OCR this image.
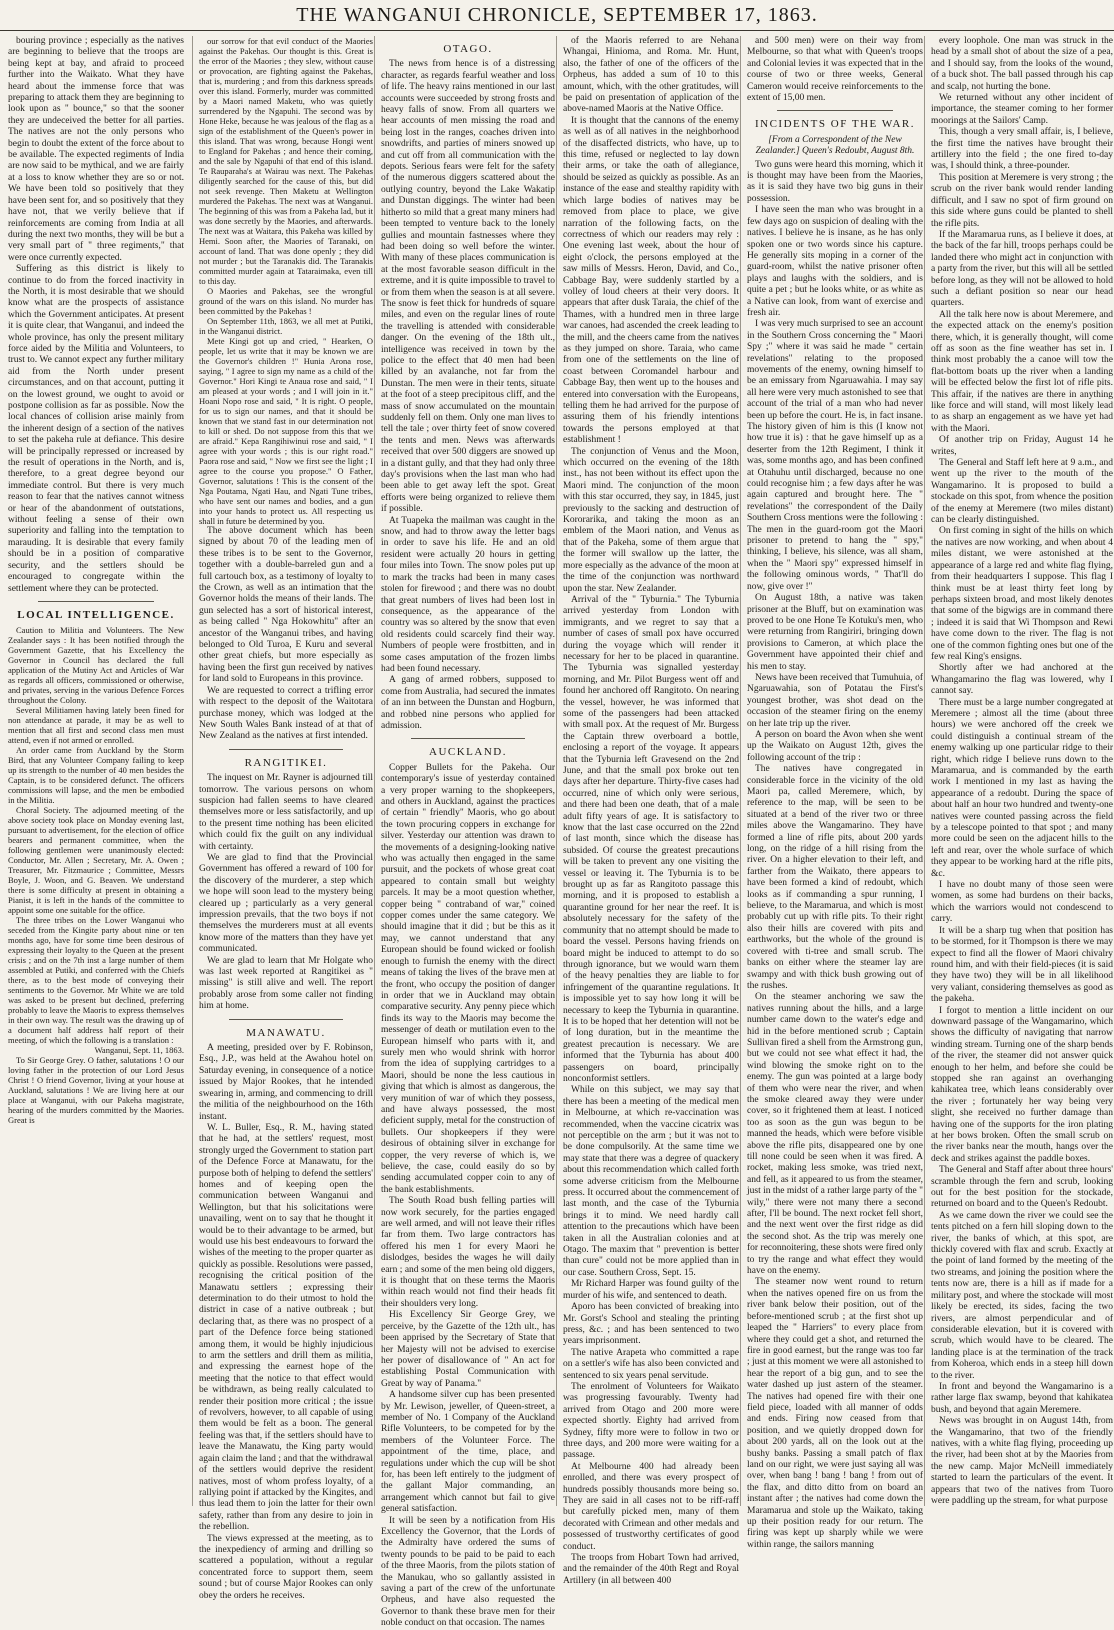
THE WANGANUI CHRONICLE, SEPTEMBER 17, 1863.

bouring province ; especially as the natives are beginning to believe that the troops are being kept at bay, and afraid to proceed further into the Waikato. What they have heard about the immense force that was preparing to attack them they are beginning to look upon as " bounce," so that the sooner they are undeceived the better for all parties. The natives are not the only persons who begin to doubt the extent of the force about to be available. The expected regiments of India are now said to be mythical, and we are fairly at a loss to know whether they are so or not. We have been told so positively that they have been sent for, and so positively that they have not, that we verily believe that if reinforcements are coming from India at all during the next two months, they will be but a very small part of " three regiments," that were once currently expected.

Suffering as this district is likely to continue to do from the forced inactivity in the North, it is most desirable that we should know what are the prospects of assistance which the Government anticipates. At present it is quite clear, that Wanganui, and indeed the whole province, has only the present military force aided by the Militia and Volunteers, to trust to. We cannot expect any further military aid from the North under present circumstances, and on that account, putting it on the lowest ground, we ought to avoid or postpone collision as far as possible. Now the local chances of collision arise mainly from the inherent design of a section of the natives to set the pakeha rule at defiance. This desire will be principally repressed or increased by the result of operations in the North, and is, therefore, to a great degree beyond our immediate control. But there is very much reason to fear that the natives cannot witness or hear of the abandonment of outstations, without feeling a sense of their own superiority and falling into the temptation to marauding. It is desirable that every family should be in a position of comparative security, and the settlers should be encouraged to congregate within the settlement where they can be protected.

LOCAL INTELLIGENCE.

Caution to Militia and Volunteers. The New Zealander says : It has been notified through the Government Gazette, that his Excellency the Governor in Council has declared the full application of the Mutiny Act and Articles of War as regards all officers, commissioned or otherwise, and privates, serving in the various Defence Forces throughout the Colony.

Several Militiamen having lately been fined for non attendance at parade, it may be as well to mention that all first and second class men must attend, even if not armed or enrolled.

An order came from Auckland by the Storm Bird, that any Volunteer Company failing to keep up its strength to the number of 40 men besides the Captain, is to be considered defunct. The officers commissions will lapse, and the men be embodied in the Militia.

Choral Society. The adjourned meeting of the above society took place on Monday evening last, pursuant to advertisement, for the election of office bearers and permanent committee, when the following gentlemen were unanimously elected: Conductor, Mr. Allen ; Secretary, Mr. A. Owen ; Treasurer, Mr. Fitzmaurice ; Committee, Messrs Boyle, J. Woon, and G. Beaven. We understand there is some difficulty at present in obtaining a Pianist, it is left in the hands of the committee to appoint some one suitable for the office.

The three tribes on the Lower Wanganui who seceded from the Kingite party about nine or ten months ago, have for some time been desirous of expressing their loyalty to the Queen at the present crisis ; and on the 7th inst a large number of them assembled at Putiki, and conferred with the Chiefs there, as to the best mode of conveying their sentiments to the Governor. Mr White we are told was asked to be present but declined, preferring probably to leave the Maoris to express themselves in their own way. The result was the drawing up of a document half address half report of their meeting, of which the following is a translation :

Wanganui, Sept. 11, 1863.

To Sir George Grey. O father, salutations ! O our loving father in the protection of our Lord Jesus Christ ! O friend Governor, living at your house at Auckland, salutations ! We are living here at our place at Wanganui, with our Pakeha magistrate, hearing of the murders committed by the Maories. Great is

our sorrow for that evil conduct of the Maories against the Pakehas. Our thought is this. Great is the error of the Maories ; they slew, without cause or provocation, are fighting against the Pakehas, that is, murdering ; and from this darkness spreads over this island. Formerly, murder was committed by a Maori named Maketu, who was quietly surrendered by the Ngapuhi. The second was by Hone Heke, because he was jealous of the flag as a sign of the establishment of the Queen's power in this island. That was wrong, because Hongi went to England for Pakehas ; and hence their coming, and the sale by Ngapuhi of that end of this island. Te Rauparaha's at Wairau was next. The Pakehas diligently searched for the cause of this, but did not seek revenge. Then Maketu at Wellington murdered the Pakehas. The next was at Wanganui. The beginning of this was from a Pakeha lad, but it was done secretly by the Maories, and afterwards. The next was at Waitara, this Pakeha was killed by Hemi. Soon after, the Maories of Taranaki, on account of land. That was done openly ; they did not murder ; but the Taranakis did. The Taranakis committed murder again at Tataraimaka, even till to this day.

O Maories and Pakehas, see the wrongful ground of the wars on this island. No murder has been committed by the Pakehas !

On September 11th, 1863, we all met at Putiki, in the Wanganui district.

Mete Kingi got up and cried, " Hearken, O people, let us write that it may be known we are the Governor's children !" Hunia Arona rose, saying, " I agree to sign my name as a child of the Governor." Hori Kingi te Anaua rose and said, " I am pleased at your words ; and I will join in it." Hoani Nopo rose and said, " It is right. O people, for us to sign our names, and that it should be known that we stand fast in our determination not to kill or shed. Do not suppose from this that we are afraid." Kepa Rangihiwinui rose and said, " I agree with your words ; this is our right road." Paora rose and said, " Now we first see the light ; I agree to the course you propose." O Father, Governor, salutations ! This is the consent of the Nga Poutama, Ngati Hau, and Ngati Tune tribes, who have sent our names and bodies, and a gun into your hands to protect us. All respecting us shall in future be determined by you.

The above document which has been signed by about 70 of the leading men of these tribes is to be sent to the Governor, together with a double-barreled gun and a full cartouch box, as a testimony of loyalty to the Crown, as well as an intimation that the Governor holds the means of their lands. The gun selected has a sort of historical interest, as being called " Nga Hokowhitu" after an ancestor of the Wanganui tribes, and having belonged to Old Turoa, E Kuru and several other great chiefs, but more especially as having been the first gun received by natives for land sold to Europeans in this province.

We are requested to correct a trifling error with respect to the deposit of the Waitotara purchase money, which was lodged at the New South Wales Bank instead of at that of New Zealand as the natives at first intended.

RANGITIKEI.

The inquest on Mr. Rayner is adjourned till tomorrow. The various persons on whom suspicion had fallen seems to have cleared themselves more or less satisfactorily, and up to the present time nothing has been elicited which could fix the guilt on any individual with certainty.

We are glad to find that the Provincial Government has offered a reward of 100 for the discovery of the murderer, a step which we hope will soon lead to the mystery being cleared up ; particularly as a very general impression prevails, that the two boys if not themselves the murderers must at all events know more of the matters than they have yet communicated.

We are glad to learn that Mr Holgate who was last week reported at Rangitikei as " missing" is still alive and well. The report probably arose from some caller not finding him at home.

MANAWATU.

A meeting, presided over by F. Robinson, Esq., J.P., was held at the Awahou hotel on Saturday evening, in consequence of a notice issued by Major Rookes, that he intended swearing in, arming, and commencing to drill the militia of the neighbourhood on the 16th instant.

W. L. Buller, Esq., R. M., having stated that he had, at the settlers' request, most strongly urged the Government to station part of the Defence Force at Manawatu, for the purpose both of helping to defend the settlers' homes and of keeping open the communication between Wanganui and Wellington, but that his solicitations were unavailing, went on to say that he thought it would be to their advantage to be armed, but would use his best endeavours to forward the wishes of the meeting to the proper quarter as quickly as possible. Resolutions were passed, recognising the critical position of the Manawatu settlers ; expressing their determination to do their utmost to hold the district in case of a native outbreak ; but declaring that, as there was no prospect of a part of the Defence force being stationed among them, it would be highly injudicious to arm the settlers and drill them as militia, and expressing the earnest hope of the meeting that the notice to that effect would be withdrawn, as being really calculated to render their position more critical ; the issue of revolvers, however, to all capable of using them would be felt as a boon. The general feeling was that, if the settlers should have to leave the Manawatu, the King party would again claim the land ; and that the withdrawal of the settlers would deprive the resident natives, most of whom profess loyalty, of a rallying point if attacked by the Kingites, and thus lead them to join the latter for their own safety, rather than from any desire to join in the rebellion.

The views expressed at the meeting, as to the inexpediency of arming and drilling so scattered a population, without a regular concentrated force to support them, seem sound ; but of course Major Rookes can only obey the orders he receives.

OTAGO.

The news from hence is of a distressing character, as regards fearful weather and loss of life. The heavy rains mentioned in our last accounts were succeeded by strong frosts and heavy falls of snow. From all quarters we hear accounts of men missing the road and being lost in the ranges, coaches driven into snowdrifts, and parties of miners snowed up and cut off from all communication with the depots. Serious fears were felt for the safety of the numerous diggers scattered about the outlying country, beyond the Lake Wakatip and Dunstan diggings. The winter had been hitherto so mild that a great many miners had been tempted to venture back to the lonely gullies and mountain fastnesses where they had been doing so well before the winter. With many of these places communication is at the most favorable season difficult in the extreme, and it is quite impossible to travel to or from them when the season is at all severe. The snow is feet thick for hundreds of square miles, and even on the regular lines of route the travelling is attended with considerable danger. On the evening of the 18th ult., intelligence was received in town by the police to the effect that 40 men had been killed by an avalanche, not far from the Dunstan. The men were in their tents, situate at the foot of a steep precipitous cliff, and the mass of snow accumulated on the mountain suddenly fell on them. Only one man lives to tell the tale ; over thirty feet of snow covered the tents and men. News was afterwards received that over 500 diggers are snowed up in a distant gully, and that they had only three day's provisions when the last man who had been able to get away left the spot. Great efforts were being organized to relieve them if possible.

At Tuapeka the mailman was caught in the snow, and had to throw away the letter bags in order to save his life. He and an old resident were actually 20 hours in getting four miles into Town. The snow poles put up to mark the tracks had been in many cases stolen for firewood ; and there was no doubt that great numbers of lives had been lost in consequence, as the appearance of the country was so altered by the snow that even old residents could scarcely find their way. Numbers of people were frostbitten, and in some cases amputation of the frozen limbs had been found necessary.

A gang of armed robbers, supposed to come from Australia, had secured the inmates of an inn between the Dunstan and Hogburn, and robbed nine persons who applied for admission.

AUCKLAND.

Copper Bullets for the Pakeha. Our contemporary's issue of yesterday contained a very proper warning to the shopkeepers, and others in Auckland, against the practices of certain " friendly" Maoris, who go about the town procuring coppers in exchange for silver. Yesterday our attention was drawn to the movements of a designing-looking native who was actually then engaged in the same pursuit, and the pockets of whose great coat appeared to contain small but weighty parcels. It may be a moot question whether, copper being " contraband of war," coined copper comes under the same category. We should imagine that it did ; but be this as it may, we cannot understand that any European should be found wicked or foolish enough to furnish the enemy with the direct means of taking the lives of the brave men at the front, who occupy the position of danger in order that we in Auckland may obtain comparative security. Any penny piece which finds its way to the Maoris may become the messenger of death or mutilation even to the European himself who parts with it, and surely men who would shrink with horror from the idea of supplying cartridges to a Maori, should be none the less cautious in giving that which is almost as dangerous, the very munition of war of which they possess, and have always possessed, the most deficient supply, metal for the construction of bullets. Our shopkeepers if they were desirous of obtaining silver in exchange for copper, the very reverse of which is, we believe, the case, could easily do so by sending accumulated copper coin to any of the bank establishments.

The South Road bush felling parties will now work securely, for the parties engaged are well armed, and will not leave their rifles far from them. Two large contractors has offered his men 1 for every Maori he dislodges, besides the wages he will daily earn ; and some of the men being old diggers, it is thought that on these terms the Maoris within reach would not find their heads fit their shoulders very long.

His Excellency Sir George Grey, we perceive, by the Gazette of the 12th ult., has been apprised by the Secretary of State that her Majesty will not be advised to exercise her power of disallowance of " An act for establishing Postal Communication with Great by way of Panama."

A handsome silver cup has been presented by Mr. Lewison, jeweller, of Queen-street, a member of No. 1 Company of the Auckland Rifle Volunteers, to be competed for by the members of the Volunteer Force. The appointment of the time, place, and regulations under which the cup will be shot for, has been left entirely to the judgment of the gallant Major commanding, an arrangement which cannot but fail to give general satisfaction.

It will be seen by a notification from His Excellency the Governor, that the Lords of the Admiralty have ordered the sums of twenty pounds to be paid to be paid to each of the three Maoris, from the pilots station of the Manukau, who so gallantly assisted in saving a part of the crew of the unfortunate Orpheus, and have also requested the Governor to thank these brave men for their noble conduct on that occasion. The names

of the Maoris referred to are Nehana Whangai, Hinioma, and Roma. Mr. Hunt, also, the father of one of the officers of the Orpheus, has added a sum of 10 to this amount, which, with the other gratitudes, will be paid on presentation of application of the above-named Maoris at the Native Office.

It is thought that the cannons of the enemy as well as of all natives in the neighborhood of the disaffected districts, who have, up to this time, refused or neglected to lay down their arms, or take the oath of allegiance, should be seized as quickly as possible. As an instance of the ease and stealthy rapidity with which large bodies of natives may be removed from place to place, we give narration of the following facts, on the correctness of which our readers may rely : One evening last week, about the hour of eight o'clock, the persons employed at the saw mills of Messrs. Heron, David, and Co., Cabbage Bay, were suddenly startled by a volley of loud cheers at their very doors. It appears that after dusk Taraia, the chief of the Thames, with a hundred men in three large war canoes, had ascended the creek leading to the mill, and the cheers came from the natives as they jumped on shore. Taraia, who came from one of the settlements on the line of coast between Coromandel harbour and Cabbage Bay, then went up to the houses and entered into conversation with the Europeans, telling them he had arrived for the purpose of assuring them of his friendly intentions towards the persons employed at that establishment !

The conjunction of Venus and the Moon, which occurred on the evening of the 18th inst., has not been without its effect upon the Maori mind. The conjunction of the moon with this star occurred, they say, in 1845, just previously to the sacking and destruction of Kororarika, and taking the moon as an emblem of the Maori nation, and Venus as that of the Pakeha, some of them argue that the former will swallow up the latter, the more especially as the advance of the moon at the time of the conjunction was northward upon the star. New Zealander.

Arrival of the " Tyburnia." The Tyburnia arrived yesterday from London with immigrants, and we regret to say that a number of cases of small pox have occurred during the voyage which will render it necessary for her to be placed in quarantine. The Tyburnia was signalled yesterday morning, and Mr. Pilot Burgess went off and found her anchored off Rangitoto. On nearing the vessel, however, he was informed that some of the passengers had been attacked with small pox. At the request of Mr. Burgess the Captain threw overboard a bottle, enclosing a report of the voyage. It appears that the Tyburnia left Gravesend on the 2nd June, and that the small pox broke out ten days after her departure. Thirty-five cases had occurred, nine of which only were serious, and there had been one death, that of a male adult fifty years of age. It is satisfactory to know that the last case occurred on the 22nd of last month, since which the disease has subsided. Of course the greatest precautions will be taken to prevent any one visiting the vessel or leaving it. The Tyburnia is to be brought up as far as Rangitoto passage this morning, and it is proposed to establish a quarantine ground for her near the reef. It is absolutely necessary for the safety of the community that no attempt should be made to board the vessel. Persons having friends on board might be induced to attempt to do so through ignorance, but we would warn them of the heavy penalties they are liable to for infringement of the quarantine regulations. It is impossible yet to say how long it will be necessary to keep the Tyburnia in quarantine. It is to be hoped that her detention will not be of long duration, but in the meantime the greatest precaution is necessary. We are informed that the Tyburnia has about 400 passengers on board, principally nonconformist settlers.

While on this subject, we may say that there has been a meeting of the medical men in Melbourne, at which re-vaccination was recommended, when the vaccine cicatrix was not perceptible on the arm ; but it was not to be done compulsorily. At the same time we may state that there was a degree of quackery about this recommendation which called forth some adverse criticism from the Melbourne press. It occurred about the commencement of last month, and the case of the Tyburnia brings it to mind. We need hardly call attention to the precautions which have been taken in all the Australian colonies and at Otago. The maxim that " prevention is better than cure" could not be more applied than in our case. Southern Cross, Sept. 15.

Mr Richard Harper was found guilty of the murder of his wife, and sentenced to death.

Aporo has been convicted of breaking into Mr. Gorst's School and stealing the printing press, &c. ; and has been sentenced to two years imprisonment.

The native Arapeta who committed a rape on a settler's wife has also been convicted and sentenced to six years penal servitude.

The enrolment of Volunteers for Waikato was progressing favourably. Twenty had arrived from Otago and 200 more were expected shortly. Eighty had arrived from Sydney, fifty more were to follow in two or three days, and 200 more were waiting for a passage.

At Melbourne 400 had already been enrolled, and there was every prospect of hundreds possibly thousands more being so. They are said in all cases not to be riff-raff but carefully picked men, many of them decorated with Crimean and other medals and possessed of trustworthy certificates of good conduct.

The troops from Hobart Town had arrived, and the remainder of the 40th Regt and Royal Artillery (in all between 400

and 500 men) were on their way from Melbourne, so that what with Queen's troops and Colonial levies it was expected that in the course of two or three weeks, General Cameron would receive reinforcements to the extent of 15,00 men.

INCIDENTS OF THE WAR.

[From a Correspondent of the New Zealander.] Queen's Redoubt, August 8th.

Two guns were heard this morning, which it is thought may have been from the Maories, as it is said they have two big guns in their possession.

I have seen the man who was brought in a few days ago on suspicion of dealing with the natives. I believe he is insane, as he has only spoken one or two words since his capture. He generally sits moping in a corner of the guard-room, whilst the native prisoner often plays and laughs with the soldiers, and is quite a pet ; but he looks white, or as white as a Native can look, from want of exercise and fresh air.

I was very much surprised to see an account in the Southern Cross concerning the " Maori Spy ;" where it was said he made " certain revelations" relating to the proposed movements of the enemy, owning himself to be an emissary from Ngaruawahia. I may say all here were very much astonished to see that account of the trial of a man who had never been up before the court. He is, in fact insane. The history given of him is this (I know not how true it is) : that he gave himself up as a deserter from the 12th Regiment, I think it was, some months ago, and has been confined at Otahuhu until discharged, because no one could recognise him ; a few days after he was again captured and brought here. The " revelations" the correspondent of the Daily Southern Cross mentions were the following : The men in the guard-room got the Maori prisoner to pretend to hang the " spy," thinking, I believe, his silence, was all sham, when the " Maori spy" expressed himself in the following ominous words, " That'll do now, give over !"

On August 18th, a native was taken prisoner at the Bluff, but on examination was proved to be one Hone Te Kotuku's men, who were returning from Rangiriri, bringing down provisions to Cameron, at which place the Government have appointed their chief and his men to stay.

News have been received that Tumuhuia, of Ngaruawahia, son of Potatau the First's youngest brother, was shot dead on the occasion of the steamer firing on the enemy on her late trip up the river.

A person on board the Avon when she went up the Waikato on August 12th, gives the following account of the trip :

The natives have congregated in considerable force in the vicinity of the old Maori pa, called Meremere, which, by reference to the map, will be seen to be situated at a bend of the river two or three miles above the Wangamarino. They have formed a line of rifle pits, about 200 yards long, on the ridge of a hill rising from the river. On a higher elevation to their left, and farther from the Waikato, there appears to have been formed a kind of redoubt, which looks as if commanding a spur running, I believe, to the Maramarua, and which is most probably cut up with rifle pits. To their right also their hills are covered with pits and earthworks, but the whole of the ground is covered with ti-tree and small scrub. The banks on either where the steamer lay are swampy and with thick bush growing out of the rushes.

On the steamer anchoring we saw the natives running about the hills, and a large number came down to the water's edge and hid in the before mentioned scrub ; Captain Sullivan fired a shell from the Armstrong gun, but we could not see what effect it had, the wind blowing the smoke right on to the enemy. The gun was pointed at a large body of them who were near the river, and when the smoke cleared away they were under cover, so it frightened them at least. I noticed too as soon as the gun was begun to be manned the heads, which were before visible above the rifle pits, disappeared one by one till none could be seen when it was fired. A rocket, making less smoke, was tried next, and fell, as it appeared to us from the steamer, just in the midst of a rather large party of the " wily," there were not many there a second after, I'll be bound. The next rocket fell short, and the next went over the first ridge as did the second shot. As the trip was merely one for reconnoitering, these shots were fired only to try the range and what effect they would have on the enemy.

The steamer now went round to return when the natives opened fire on us from the river bank below their position, out of the before-mentioned scrub ; at the first shot up leaped the " Harriers" to every place from where they could get a shot, and returned the fire in good earnest, but the range was too far ; just at this moment we were all astonished to hear the report of a big gun, and to see the water dashed up just astern of the steamer. The natives had opened fire with their one field piece, loaded with all manner of odds and ends. Firing now ceased from that position, and we quietly dropped down for about 200 yards, all on the look out at the bushy banks. Passing a small patch of flax land on our right, we were just saying all was over, when bang ! bang ! bang ! from out of the flax, and ditto ditto from on board an instant after ; the natives had come down the Maramarua and stole up the Waikato, taking up their position ready for our return. The firing was kept up sharply while we were within range, the sailors manning

every loophole. One man was struck in the head by a small shot of about the size of a pea, and I should say, from the looks of the wound, of a buck shot. The ball passed through his cap and scalp, not hurting the bone.

We returned without any other incident of importance, the steamer coming to her former moorings at the Sailors' Camp.

This, though a very small affair, is, I believe, the first time the natives have brought their artillery into the field ; the one fired to-day was, I should think, a three-pounder.

This position at Meremere is very strong ; the scrub on the river bank would render landing difficult, and I saw no spot of firm ground on this side where guns could be planted to shell the rifle pits.

If the Maramarua runs, as I believe it does, at the back of the far hill, troops perhaps could be landed there who might act in conjunction with a party from the river, but this will all be settled before long, as they will not be allowed to hold such a defiant position so near our head quarters.

All the talk here now is about Meremere, and the expected attack on the enemy's position there, which, it is generally thought, will come off as soon as the fine weather has set in. I think most probably the a canoe will tow the flat-bottom boats up the river when a landing will be effected below the first lot of rifle pits. This affair, if the natives are there in anything like force and will stand, will most likely lead to as sharp an engagement as we have yet had with the Maori.

Of another trip on Friday, August 14 he writes,

The General and Staff left here at 9 a.m., and went up the river to the mouth of the Wangamarino. It is proposed to build a stockade on this spot, from whence the position of the enemy at Meremere (two miles distant) can be clearly distinguished.

On first coming in sight of the hills on which the natives are now working, and when about 4 miles distant, we were astonished at the appearance of a large red and white flag flying, from their headquarters I suppose. This flag I think must be at least thirty feet long by perhaps sixteen broad, and most likely denotes that some of the bigwigs are in command there ; indeed it is said that Wi Thompson and Rewi have come down to the river. The flag is not one of the common fighting ones but one of the few real King's ensigns.

Shortly after we had anchored at the Whangamarino the flag was lowered, why I cannot say.

There must be a large number congregated at Meremere ; almost all the time (about three hours) we were anchored off the creek we could distinguish a continual stream of the enemy walking up one particular ridge to their right, which ridge I believe runs down to the Maramarua, and is commanded by the earth work I mentioned in my last as having the appearance of a redoubt. During the space of about half an hour two hundred and twenty-one natives were counted passing across the field by a telescope pointed to that spot ; and many more could be seen on the adjacent hills to the left and rear, over the whole surface of which they appear to be working hard at the rifle pits, &c.

I have no doubt many of those seen were women, as some had burdens on their backs, which the warriors would not condescend to carry.

It will be a sharp tug when that position has to be stormed, for it Thompson is there we may expect to find all the flower of Maori chivalry round him, and with their field-pieces (it is said they have two) they will be in all likelihood very valiant, considering themselves as good as the pakeha.

I forgot to mention a little incident on our downward passage of the Wangamarino, which shows the difficulty of navigating that narrow winding stream. Turning one of the sharp bends of the river, the steamer did not answer quick enough to her helm, and before she could be stopped she ran against an overhanging kahikatea tree, which leans considerably over the river ; fortunately her way being very slight, she received no further damage than having one of the supports for the iron plating at her bows broken. Often the small scrub on the river banks near the mouth, hangs over the deck and strikes against the paddle boxes.

The General and Staff after about three hours' scramble through the fern and scrub, looking out for the best position for the stockade, returned on board and to the Queen's Redoubt.

As we came down the river we could see the tents pitched on a fern hill sloping down to the river, the banks of which, at this spot, are thickly covered with flax and scrub. Exactly at the point of land formed by the meeting of the two streams, and joining the position where the tents now are, there is a hill as if made for a military post, and where the stockade will most likely be erected, its sides, facing the two rivers, are almost perpendicular and of considerable elevation, but it is covered with scrub, which would have to be cleared. The landing place is at the termination of the track from Koheroa, which ends in a steep hill down to the river.

In front and beyond the Wangamarino is a rather large flax swamp, beyond that kahikatea bush, and beyond that again Meremere.

News was brought in on August 14th, from the Wangamarino, that two of the friendly natives, with a white flag flying, proceeding up the river, had been shot at by the Maories from the new camp. Major McNeill immediately started to learn the particulars of the event. It appears that two of the natives from Tuoro were paddling up the stream, for what purpose
